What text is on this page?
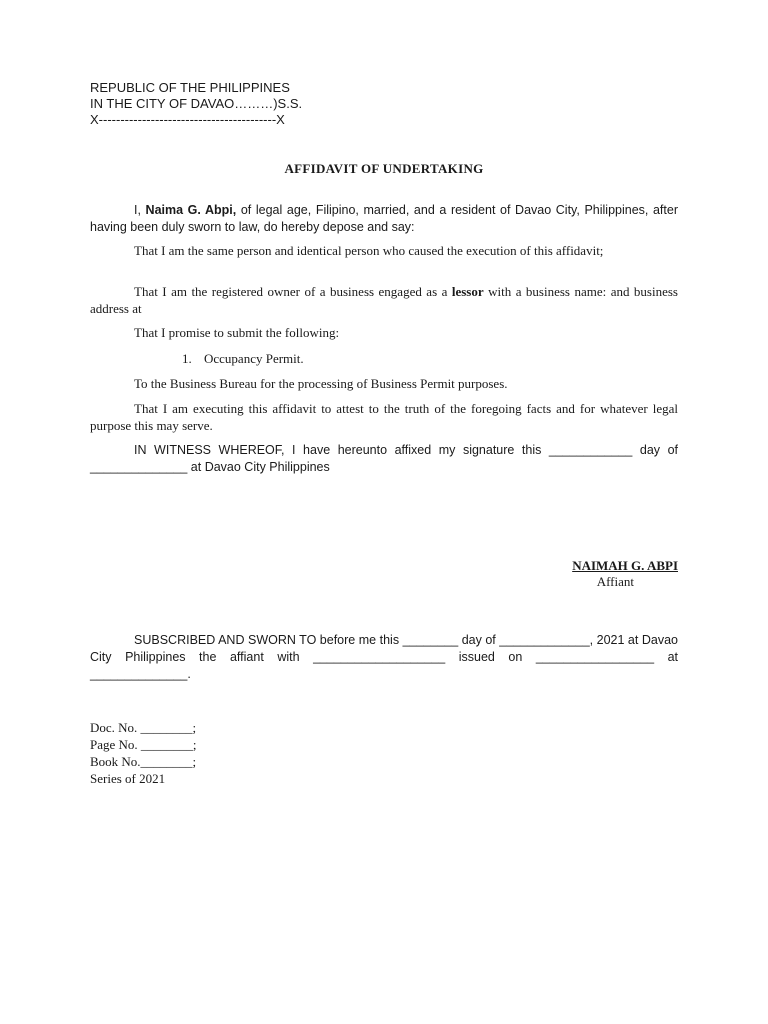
REPUBLIC OF THE PHILIPPINES
IN THE CITY OF DAVAO………)S.S.
X-----------------------------------------X
AFFIDAVIT OF UNDERTAKING
I, Naima G. Abpi, of legal age, Filipino, married, and a resident of Davao City, Philippines, after having been duly sworn to law, do hereby depose and say:
That I am the same person and identical person who caused the execution of this affidavit;
That I am the registered owner of a business engaged as a lessor with a business name: and business address at
That I promise to submit the following:
1. Occupancy Permit.
To the Business Bureau for the processing of Business Permit purposes.
That I am executing this affidavit to attest to the truth of the foregoing facts and for whatever legal purpose this may serve.
IN WITNESS WHEREOF, I have hereunto affixed my signature this ____________ day of ______________ at Davao City Philippines
NAIMAH G. ABPI
Affiant
SUBSCRIBED AND SWORN TO before me this ________ day of _____________, 2021 at Davao City Philippines the affiant with ___________________ issued on _________________ at ______________.
Doc. No. ________;
Page No. ________;
Book No.________;
Series of 2021
